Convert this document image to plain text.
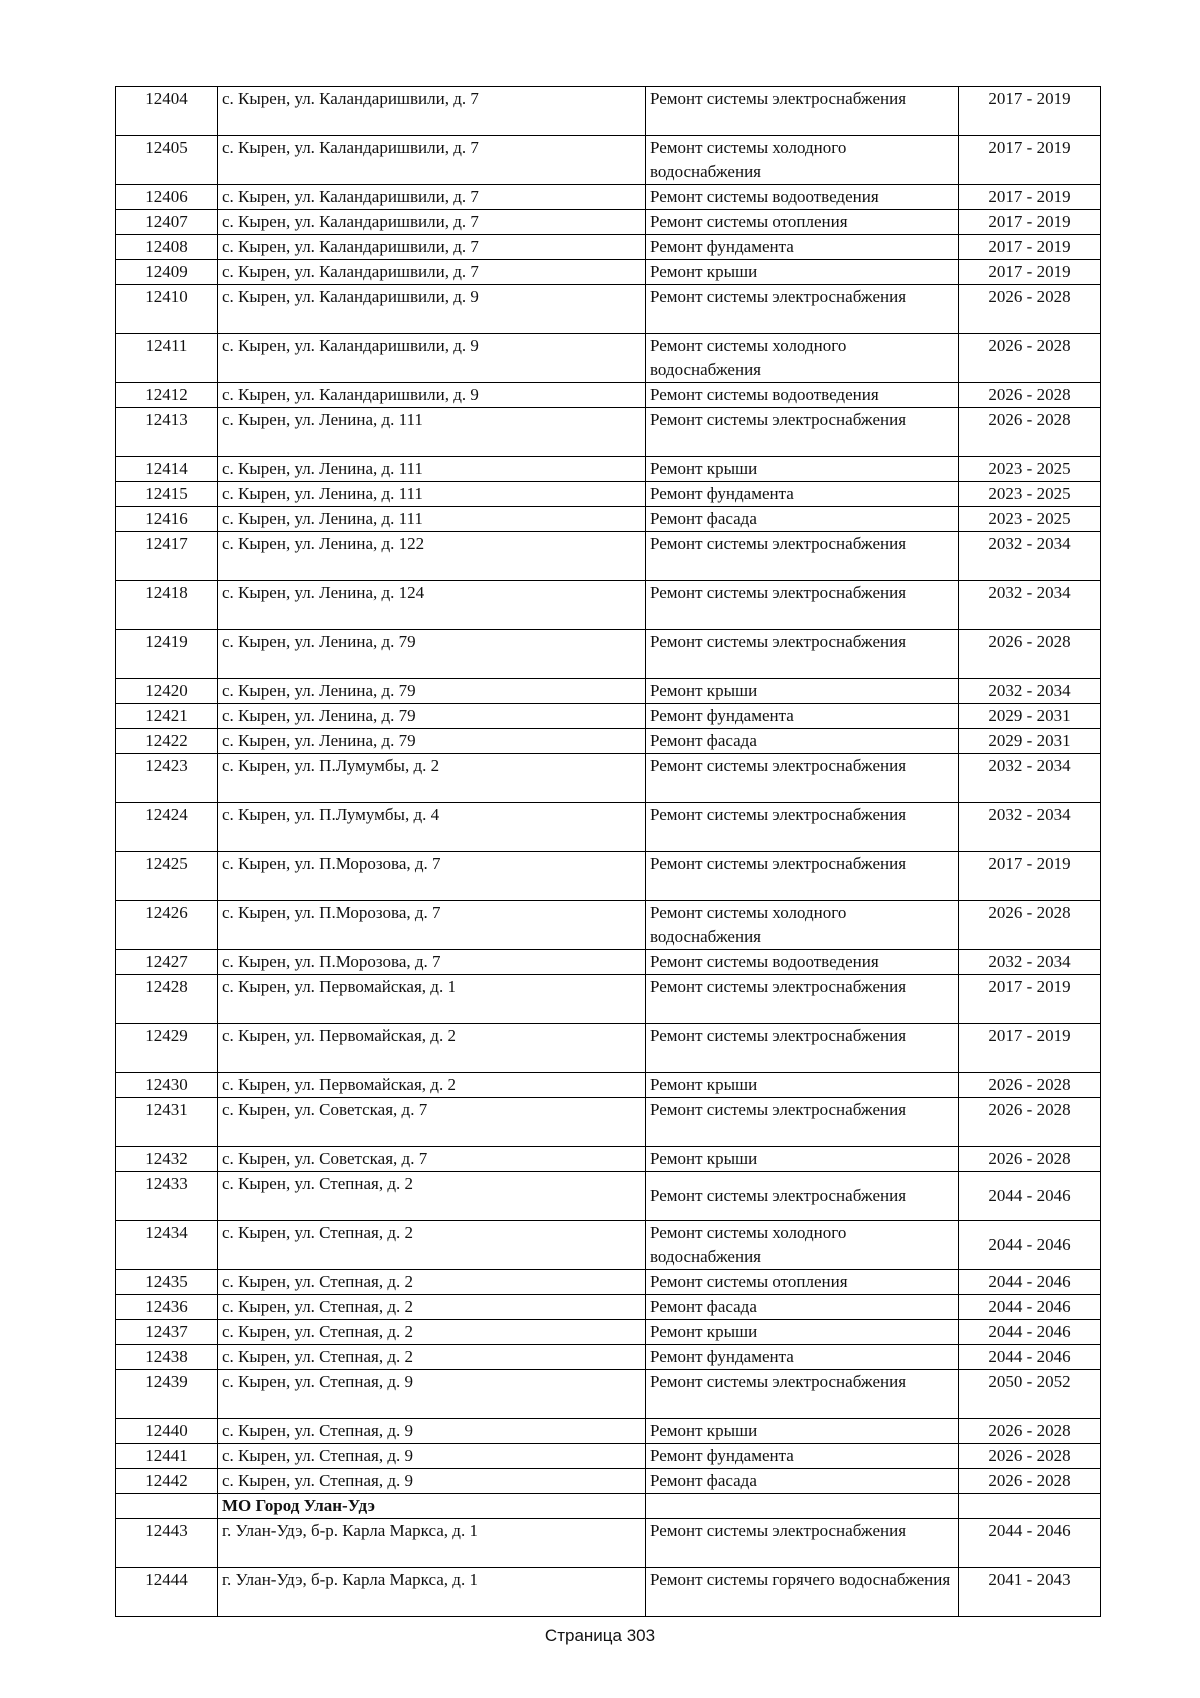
12404	с. Кырен, ул. Каландаришвили, д. 7	Ремонт системы электроснабжения	2017 - 2019
12405	с. Кырен, ул. Каландаришвили, д. 7	Ремонт системы холодного водоснабжения	2017 - 2019
12406	с. Кырен, ул. Каландаришвили, д. 7	Ремонт системы водоотведения	2017 - 2019
12407	с. Кырен, ул. Каландаришвили, д. 7	Ремонт системы отопления	2017 - 2019
12408	с. Кырен, ул. Каландаришвили, д. 7	Ремонт фундамента	2017 - 2019
12409	с. Кырен, ул. Каландаришвили, д. 7	Ремонт крыши	2017 - 2019
12410	с. Кырен, ул. Каландаришвили, д. 9	Ремонт системы электроснабжения	2026 - 2028
12411	с. Кырен, ул. Каландаришвили, д. 9	Ремонт системы холодного водоснабжения	2026 - 2028
12412	с. Кырен, ул. Каландаришвили, д. 9	Ремонт системы водоотведения	2026 - 2028
12413	с. Кырен, ул. Ленина, д. 111	Ремонт системы электроснабжения	2026 - 2028
12414	с. Кырен, ул. Ленина, д. 111	Ремонт крыши	2023 - 2025
12415	с. Кырен, ул. Ленина, д. 111	Ремонт фундамента	2023 - 2025
12416	с. Кырен, ул. Ленина, д. 111	Ремонт фасада	2023 - 2025
12417	с. Кырен, ул. Ленина, д. 122	Ремонт системы электроснабжения	2032 - 2034
12418	с. Кырен, ул. Ленина, д. 124	Ремонт системы электроснабжения	2032 - 2034
12419	с. Кырен, ул. Ленина, д. 79	Ремонт системы электроснабжения	2026 - 2028
12420	с. Кырен, ул. Ленина, д. 79	Ремонт крыши	2032 - 2034
12421	с. Кырен, ул. Ленина, д. 79	Ремонт фундамента	2029 - 2031
12422	с. Кырен, ул. Ленина, д. 79	Ремонт фасада	2029 - 2031
12423	с. Кырен, ул. П.Лумумбы, д. 2	Ремонт системы электроснабжения	2032 - 2034
12424	с. Кырен, ул. П.Лумумбы, д. 4	Ремонт системы электроснабжения	2032 - 2034
12425	с. Кырен, ул. П.Морозова, д. 7	Ремонт системы электроснабжения	2017 - 2019
12426	с. Кырен, ул. П.Морозова, д. 7	Ремонт системы холодного водоснабжения	2026 - 2028
12427	с. Кырен, ул. П.Морозова, д. 7	Ремонт системы водоотведения	2032 - 2034
12428	с. Кырен, ул. Первомайская, д. 1	Ремонт системы электроснабжения	2017 - 2019
12429	с. Кырен, ул. Первомайская, д. 2	Ремонт системы электроснабжения	2017 - 2019
12430	с. Кырен, ул. Первомайская, д. 2	Ремонт крыши	2026 - 2028
12431	с. Кырен, ул. Советская, д. 7	Ремонт системы электроснабжения	2026 - 2028
12432	с. Кырен, ул. Советская, д. 7	Ремонт крыши	2026 - 2028
12433	с. Кырен, ул. Степная, д. 2	Ремонт системы электроснабжения	2044 - 2046
12434	с. Кырен, ул. Степная, д. 2	Ремонт системы холодного водоснабжения	2044 - 2046
12435	с. Кырен, ул. Степная, д. 2	Ремонт системы отопления	2044 - 2046
12436	с. Кырен, ул. Степная, д. 2	Ремонт фасада	2044 - 2046
12437	с. Кырен, ул. Степная, д. 2	Ремонт крыши	2044 - 2046
12438	с. Кырен, ул. Степная, д. 2	Ремонт фундамента	2044 - 2046
12439	с. Кырен, ул. Степная, д. 9	Ремонт системы электроснабжения	2050 - 2052
12440	с. Кырен, ул. Степная, д. 9	Ремонт крыши	2026 - 2028
12441	с. Кырен, ул. Степная, д. 9	Ремонт фундамента	2026 - 2028
12442	с. Кырен, ул. Степная, д. 9	Ремонт фасада	2026 - 2028
	МО Город Улан-Удэ		
12443	г. Улан-Удэ, б-р. Карла Маркса, д. 1	Ремонт системы электроснабжения	2044 - 2046
12444	г. Улан-Удэ, б-р. Карла Маркса, д. 1	Ремонт системы горячего водоснабжения	2041 - 2043
Страница 303
